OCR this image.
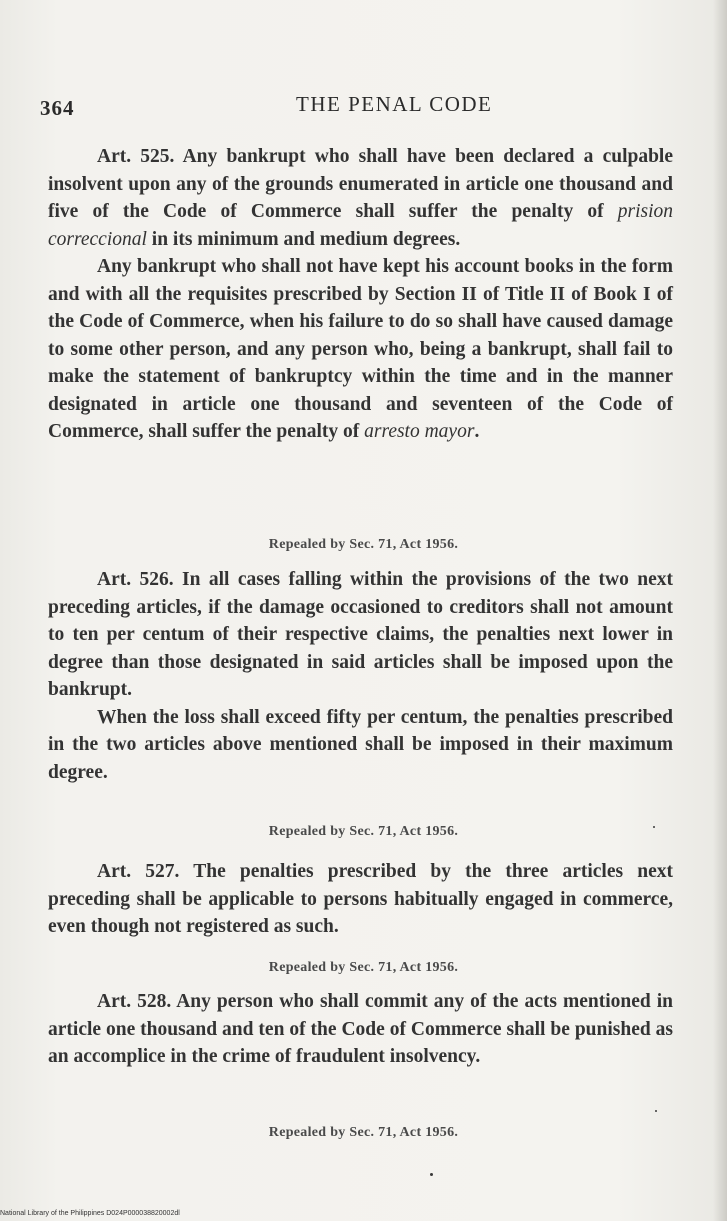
364	THE PENAL CODE

Art. 525. Any bankrupt who shall have been declared a culpable insolvent upon any of the grounds enumerated in article one thousand and five of the Code of Commerce shall suffer the penalty of prision correccional in its minimum and medium degrees.

Any bankrupt who shall not have kept his account books in the form and with all the requisites prescribed by Section II of Title II of Book I of the Code of Commerce, when his failure to do so shall have caused damage to some other person, and any person who, being a bankrupt, shall fail to make the statement of bankruptcy within the time and in the manner designated in article one thousand and seventeen of the Code of Commerce, shall suffer the penalty of arresto mayor.

Repealed by Sec. 71, Act 1956.

Art. 526. In all cases falling within the provisions of the two next preceding articles, if the damage occasioned to creditors shall not amount to ten per centum of their respective claims, the penalties next lower in degree than those designated in said articles shall be imposed upon the bankrupt.

When the loss shall exceed fifty per centum, the penalties prescribed in the two articles above mentioned shall be imposed in their maximum degree.

Repealed by Sec. 71, Act 1956.

Art. 527. The penalties prescribed by the three articles next preceding shall be applicable to persons habitually engaged in commerce, even though not registered as such.

Repealed by Sec. 71, Act 1956.

Art. 528. Any person who shall commit any of the acts mentioned in article one thousand and ten of the Code of Commerce shall be punished as an accomplice in the crime of fraudulent insolvency.

Repealed by Sec. 71, Act 1956.
National Library of the Philippines D024P000038820002dl
